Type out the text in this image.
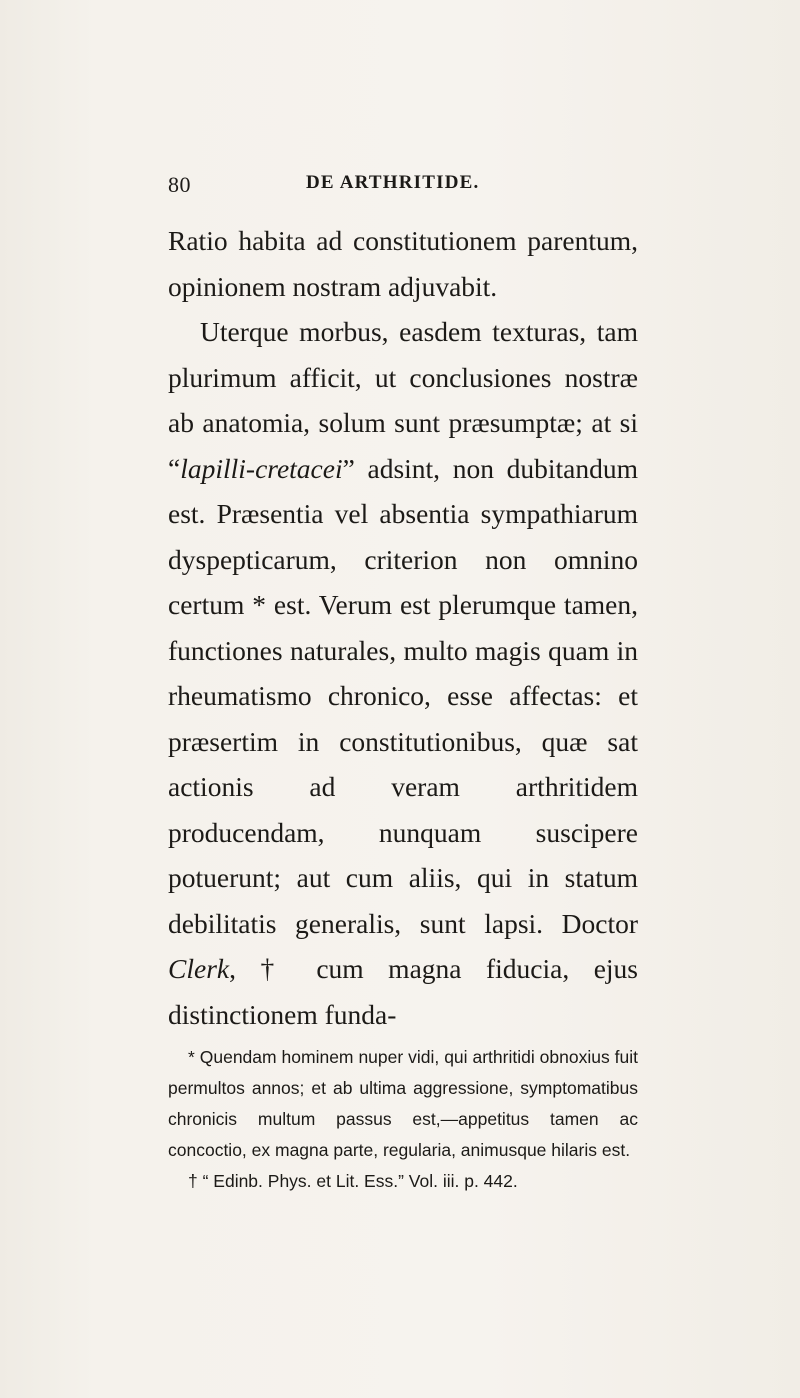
80	DE ARTHRITIDE.

Ratio habita ad constitutionem parentum, opinionem nostram adjuvabit.

Uterque morbus, easdem texturas, tam plurimum afficit, ut conclusiones nostræ ab anatomia, solum sunt præsumptæ; at si “lapilli-cretacei” adsint, non dubitandum est. Præsentia vel absentia sympathiarum dyspepticarum, criterion non omnino certum * est. Verum est plerumque tamen, functiones naturales, multo magis quam in rheumatismo chronico, esse affectas: et præsertim in constitutionibus, quæ sat actionis ad veram arthritidem producendam, nunquam suscipere potuerunt; aut cum aliis, qui in statum debilitatis generalis, sunt lapsi. Doctor Clerk, † cum magna fiducia, ejus distinctionem funda-

* Quendam hominem nuper vidi, qui arthritidi obnoxius fuit permultos annos; et ab ultima aggressione, symptomatibus chronicis multum passus est,—appetitus tamen ac concoctio, ex magna parte, regularia, animusque hilaris est.

† “ Edinb. Phys. et Lit. Ess.” Vol. iii. p. 442.
